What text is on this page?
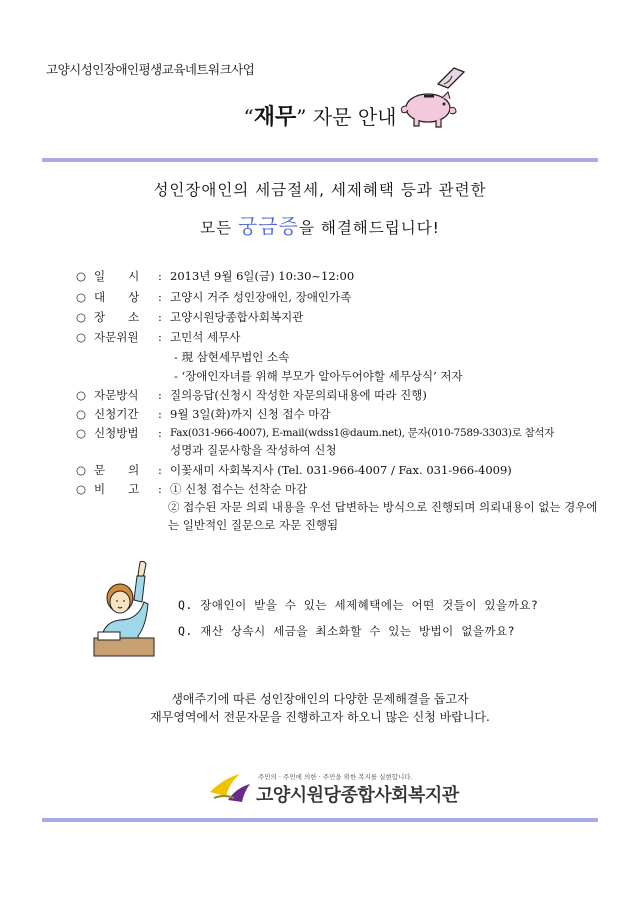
고양시성인장애인평생교육네트워크사업
“재무” 자문 안내
성인장애인의 세금절세, 세제혜택 등과 관련한
모든 궁금증을 해결해드립니다!
○ 일　　시 : 2013년 9월 6일(금) 10:30~12:00
○ 대　　상 : 고양시 거주 성인장애인, 장애인가족
○ 장　　소 : 고양시원당종합사회복지관
○ 자문위원 : 고민석 세무사
- 現 삼현세무법인 소속
- ‘장애인자녀를 위해 부모가 알아두어야할 세무상식’ 저자
○ 자문방식 : 질의응답(신청시 작성한 자문의뢰내용에 따라 진행)
○ 신청기간 : 9월 3일(화)까지 신청 접수 마감
○ 신청방법 : Fax(031-966-4007), E-mail(wdss1@daum.net), 문자(010-7589-3303)로 참석자
성명과 질문사항을 작성하여 신청
○ 문　　의 : 이꽃새미 사회복지사 (Tel. 031-966-4007 / Fax. 031-966-4009)
○ 비　　고 : ① 신청 접수는 선착순 마감
② 접수된 자문 의뢰 내용을 우선 답변하는 방식으로 진행되며 의뢰내용이 없는 경우에는 일반적인 질문으로 자문 진행됨
Q. 장애인이 받을 수 있는 세제혜택에는 어떤 것들이 있을까요?
Q. 재산 상속시 세금을 최소화할 수 있는 방법이 없을까요?
생애주기에 따른 성인장애인의 다양한 문제해결을 돕고자
재무영역에서 전문자문을 진행하고자 하오니 많은 신청 바랍니다.
주민의 · 주민에 의한 · 주민을 위한 복지를 실현합니다.
고양시원당종합사회복지관
